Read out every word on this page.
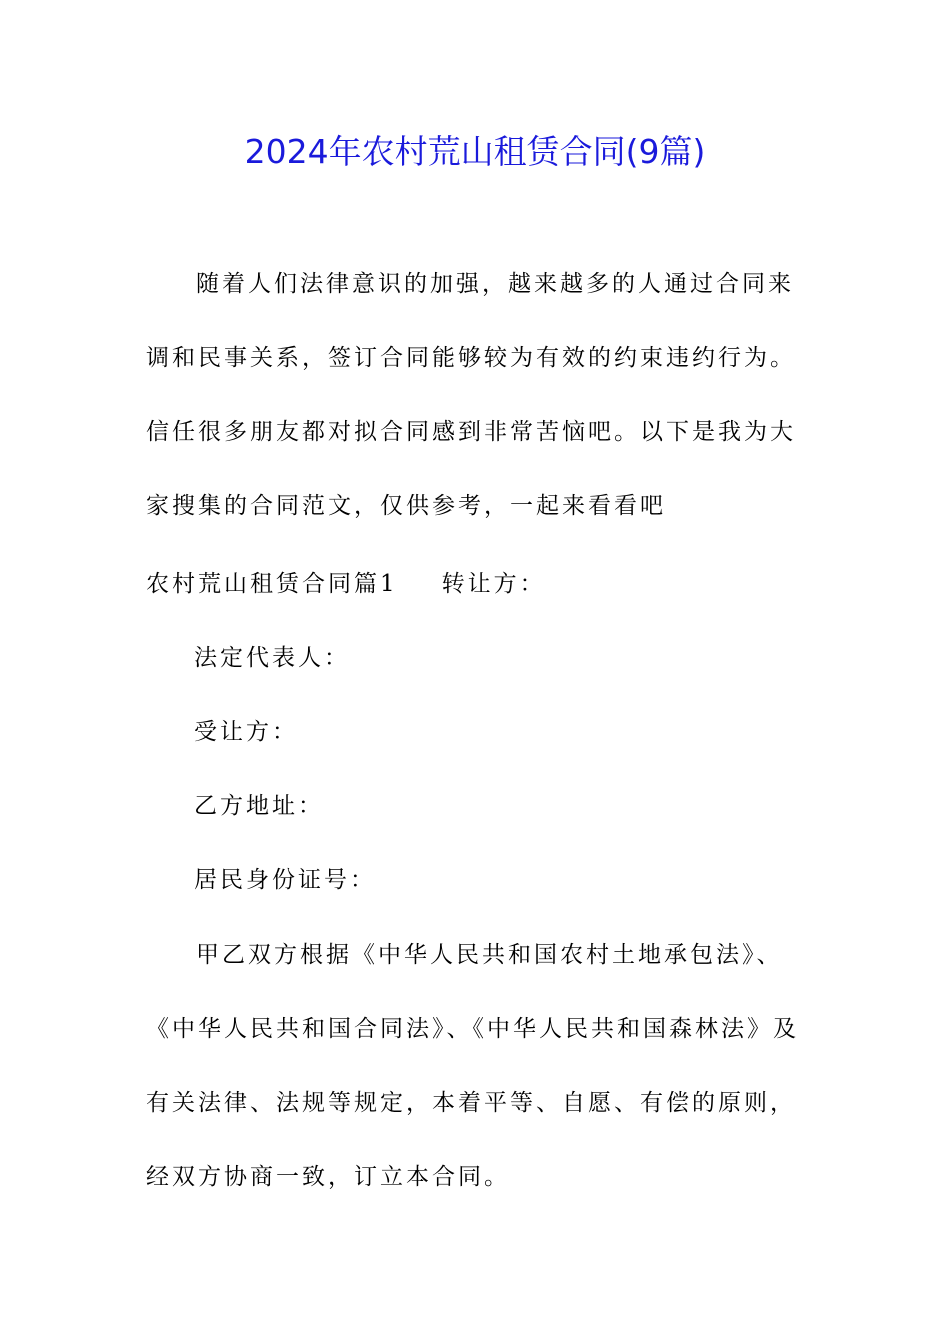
2024年农村荒山租赁合同(9篇)

随着人们法律意识的加强，越来越多的人通过合同来调和民事关系，签订合同能够较为有效的约束违约行为。信任很多朋友都对拟合同感到非常苦恼吧。以下是我为大家搜集的合同范文，仅供参考，一起来看看吧

农村荒山租赁合同篇1 转让方：
法定代表人：
受让方：
乙方地址：
居民身份证号：

甲乙双方根据《中华人民共和国农村土地承包法》、《中华人民共和国合同法》、《中华人民共和国森林法》及有关法律、法规等规定，本着平等、自愿、有偿的原则，经双方协商一致，订立本合同。
